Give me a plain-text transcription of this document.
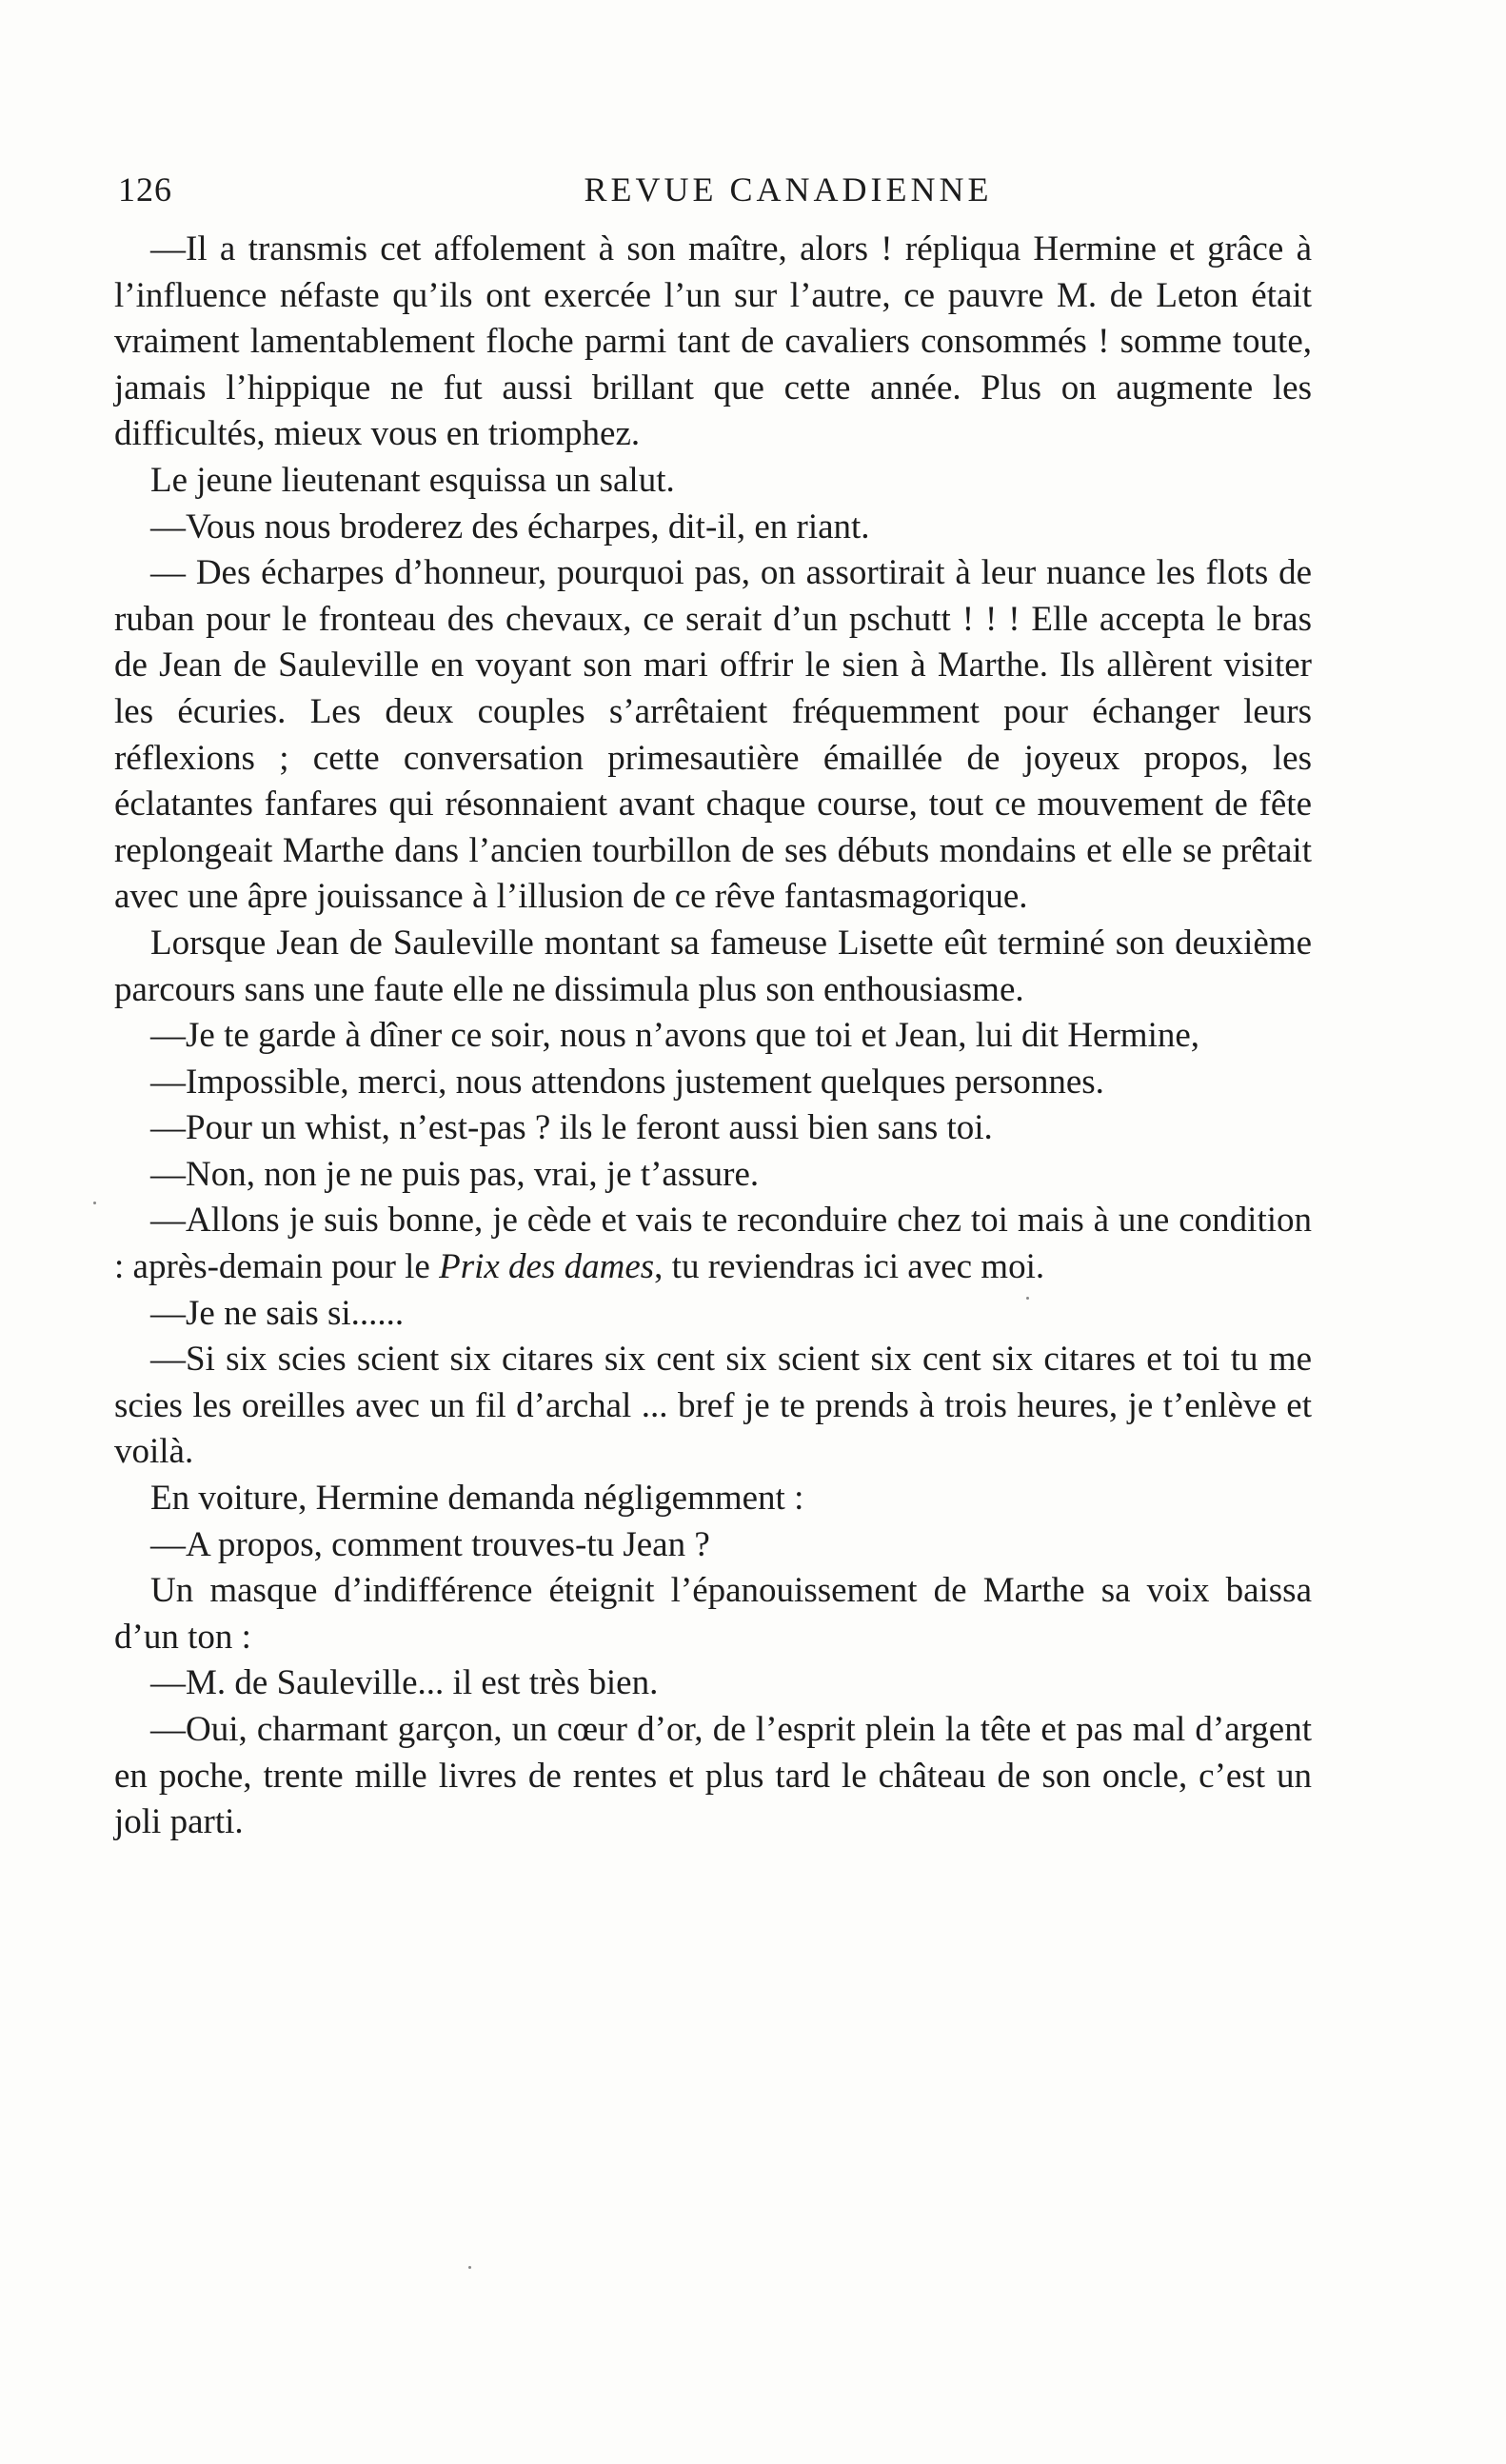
126	REVUE CANADIENNE

—Il a transmis cet affolement à son maître, alors ! répliqua Hermine et grâce à l’influence néfaste qu’ils ont exercée l’un sur l’autre, ce pauvre M. de Leton était vraiment lamentablement floche parmi tant de cavaliers consommés ! somme toute, jamais l’hippique ne fut aussi brillant que cette année. Plus on augmente les difficultés, mieux vous en triomphez.

Le jeune lieutenant esquissa un salut.

—Vous nous broderez des écharpes, dit-il, en riant.

— Des écharpes d’honneur, pourquoi pas, on assortirait à leur nuance les flots de ruban pour le fronteau des chevaux, ce serait d’un pschutt ! ! ! Elle accepta le bras de Jean de Sauleville en voyant son mari offrir le sien à Marthe. Ils allèrent visiter les écuries. Les deux couples s’arrêtaient fréquemment pour échanger leurs réflexions ; cette conversation primesautière émaillée de joyeux propos, les éclatantes fanfares qui résonnaient avant chaque course, tout ce mouvement de fête replongeait Marthe dans l’ancien tourbillon de ses débuts mondains et elle se prêtait avec une âpre jouissance à l’illusion de ce rêve fantasmagorique.

Lorsque Jean de Sauleville montant sa fameuse Lisette eût terminé son deuxième parcours sans une faute elle ne dissimula plus son enthousiasme.

—Je te garde à dîner ce soir, nous n’avons que toi et Jean, lui dit Hermine,

—Impossible, merci, nous attendons justement quelques personnes.

—Pour un whist, n’est-pas ? ils le feront aussi bien sans toi.

—Non, non je ne puis pas, vrai, je t’assure.

—Allons je suis bonne, je cède et vais te reconduire chez toi mais à une condition : après-demain pour le Prix des dames, tu reviendras ici avec moi.

—Je ne sais si......

—Si six scies scient six citares six cent six scient six cent six citares et toi tu me scies les oreilles avec un fil d’archal ... bref je te prends à trois heures, je t’enlève et voilà.

En voiture, Hermine demanda négligemment :

—A propos, comment trouves-tu Jean ?

Un masque d’indifférence éteignit l’épanouissement de Marthe sa voix baissa d’un ton :

—M. de Sauleville... il est très bien.

—Oui, charmant garçon, un cœur d’or, de l’esprit plein la tête et pas mal d’argent en poche, trente mille livres de rentes et plus tard le château de son oncle, c’est un joli parti.
